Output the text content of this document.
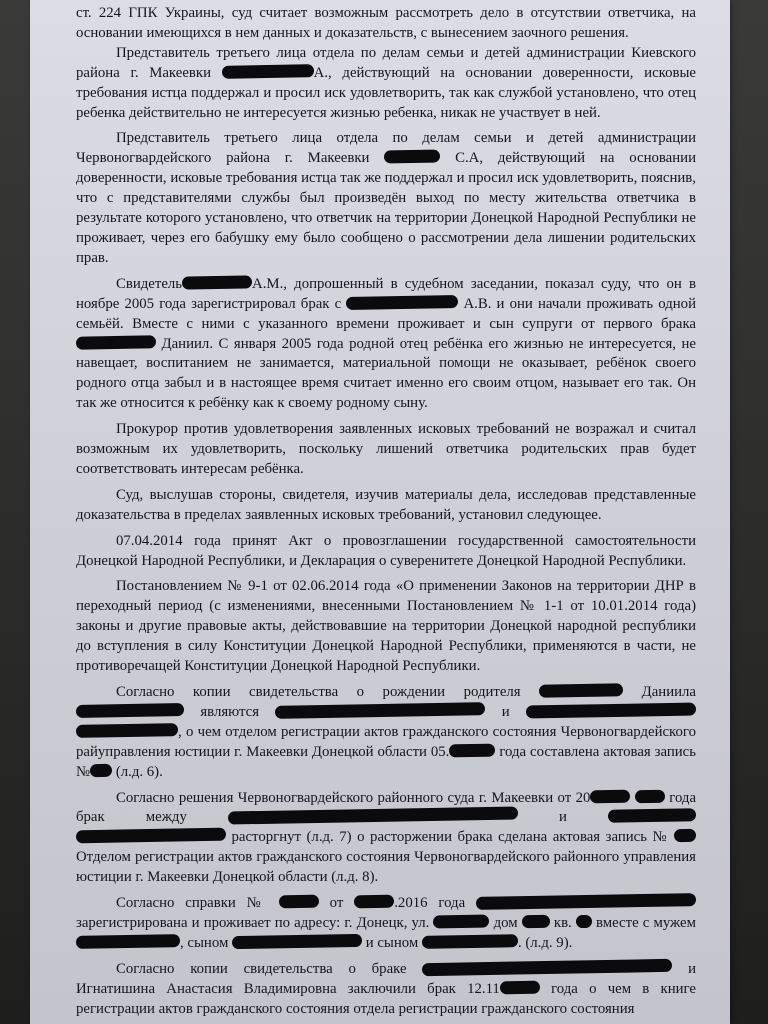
ст. 224 ГПК Украины, суд считает возможным рассмотреть дело в отсутствии ответчика, на основании имеющихся в нем данных и доказательств, с вынесением заочного решения.

Представитель третьего лица отдела по делам семьи и детей администрации Киевского района г. Макеевки	А., действующий на основании доверенности, исковые требования истца поддержал и просил иск удовлетворить, так как службой установлено, что отец ребенка действительно не интересуется жизнью ребенка, никак не участвует в ней.

Представитель третьего лица отдела по делам семьи и детей администрации Червоногвардейского района г. Макеевки	С.А, действующий на основании доверенности, исковые требования истца так же поддержал и просил иск удовлетворить, пояснив, что с представителями службы был произведён выход по месту жительства ответчика в результате которого установлено, что ответчик на территории Донецкой Народной Республики не проживает, через его бабушку ему было сообщено о рассмотрении дела лишении родительских прав.

Свидетель	А.М., допрошенный в судебном заседании, показал суду, что он в ноябре 2005 года зарегистрировал брак с	А.В. и они начали проживать одной семьёй. Вместе с ними с указанного времени проживает и сын супруги от первого брака  Даниил. С января 2005 года родной отец ребёнка его жизнью не интересуется, не навещает, воспитанием не занимается, материальной помощи не оказывает, ребёнок своего родного отца забыл и в настоящее время считает именно его своим отцом, называет его так. Он так же относится к ребёнку как к своему родному сыну.

Прокурор против удовлетворения заявленных исковых требований не возражал и считал возможным их удовлетворить, поскольку лишений ответчика родительских прав будет соответствовать интересам ребёнка.

Суд, выслушав стороны, свидетеля, изучив материалы дела, исследовав представленные доказательства в пределах заявленных исковых требований, установил следующее.

07.04.2014 года принят Акт о провозглашении государственной самостоятельности Донецкой Народной Республики, и Декларация о суверенитете Донецкой Народной Республики.

Постановлением № 9-1 от 02.06.2014 года «О применении Законов на территории ДНР в переходный период (с изменениями, внесенными Постановлением № 1-1 от 10.01.2014 года) законы и другие правовые акты, действовавшие на территории Донецкой народной республики до вступления в силу Конституции Донецкой Народной Республики, применяются в части, не противоречащей Конституции Донецкой Народной Республики.

Согласно копии свидетельства о рождении родителя	Даниила  являются	и  , о чем отделом регистрации актов гражданского состояния Червоногвардейского райуправления юстиции г. Макеевки Донецкой области 05.	года составлена актовая запись № (л.д. 6).

Согласно решения Червоногвардейского районного суда г. Макеевки от 20	года брак между	и   расторгнут (л.д. 7) о расторжении брака сделана актовая запись №  Отделом регистрации актов гражданского состояния Червоногвардейского районного управления юстиции г. Макеевки Донецкой области (л.д. 8).

Согласно справки №	от	.2016 года  зарегистрирована и проживает по адресу: г. Донецк, ул.	дом  кв.  вместе с мужем , сыном	и сыном	. (л.д. 9).

Согласно копии свидетельства о браке	и Игнатишина Анастасия Владимировна заключили брак 12.11	года о чем в книге регистрации актов гражданского состояния отдела регистрации гражданского состояния
